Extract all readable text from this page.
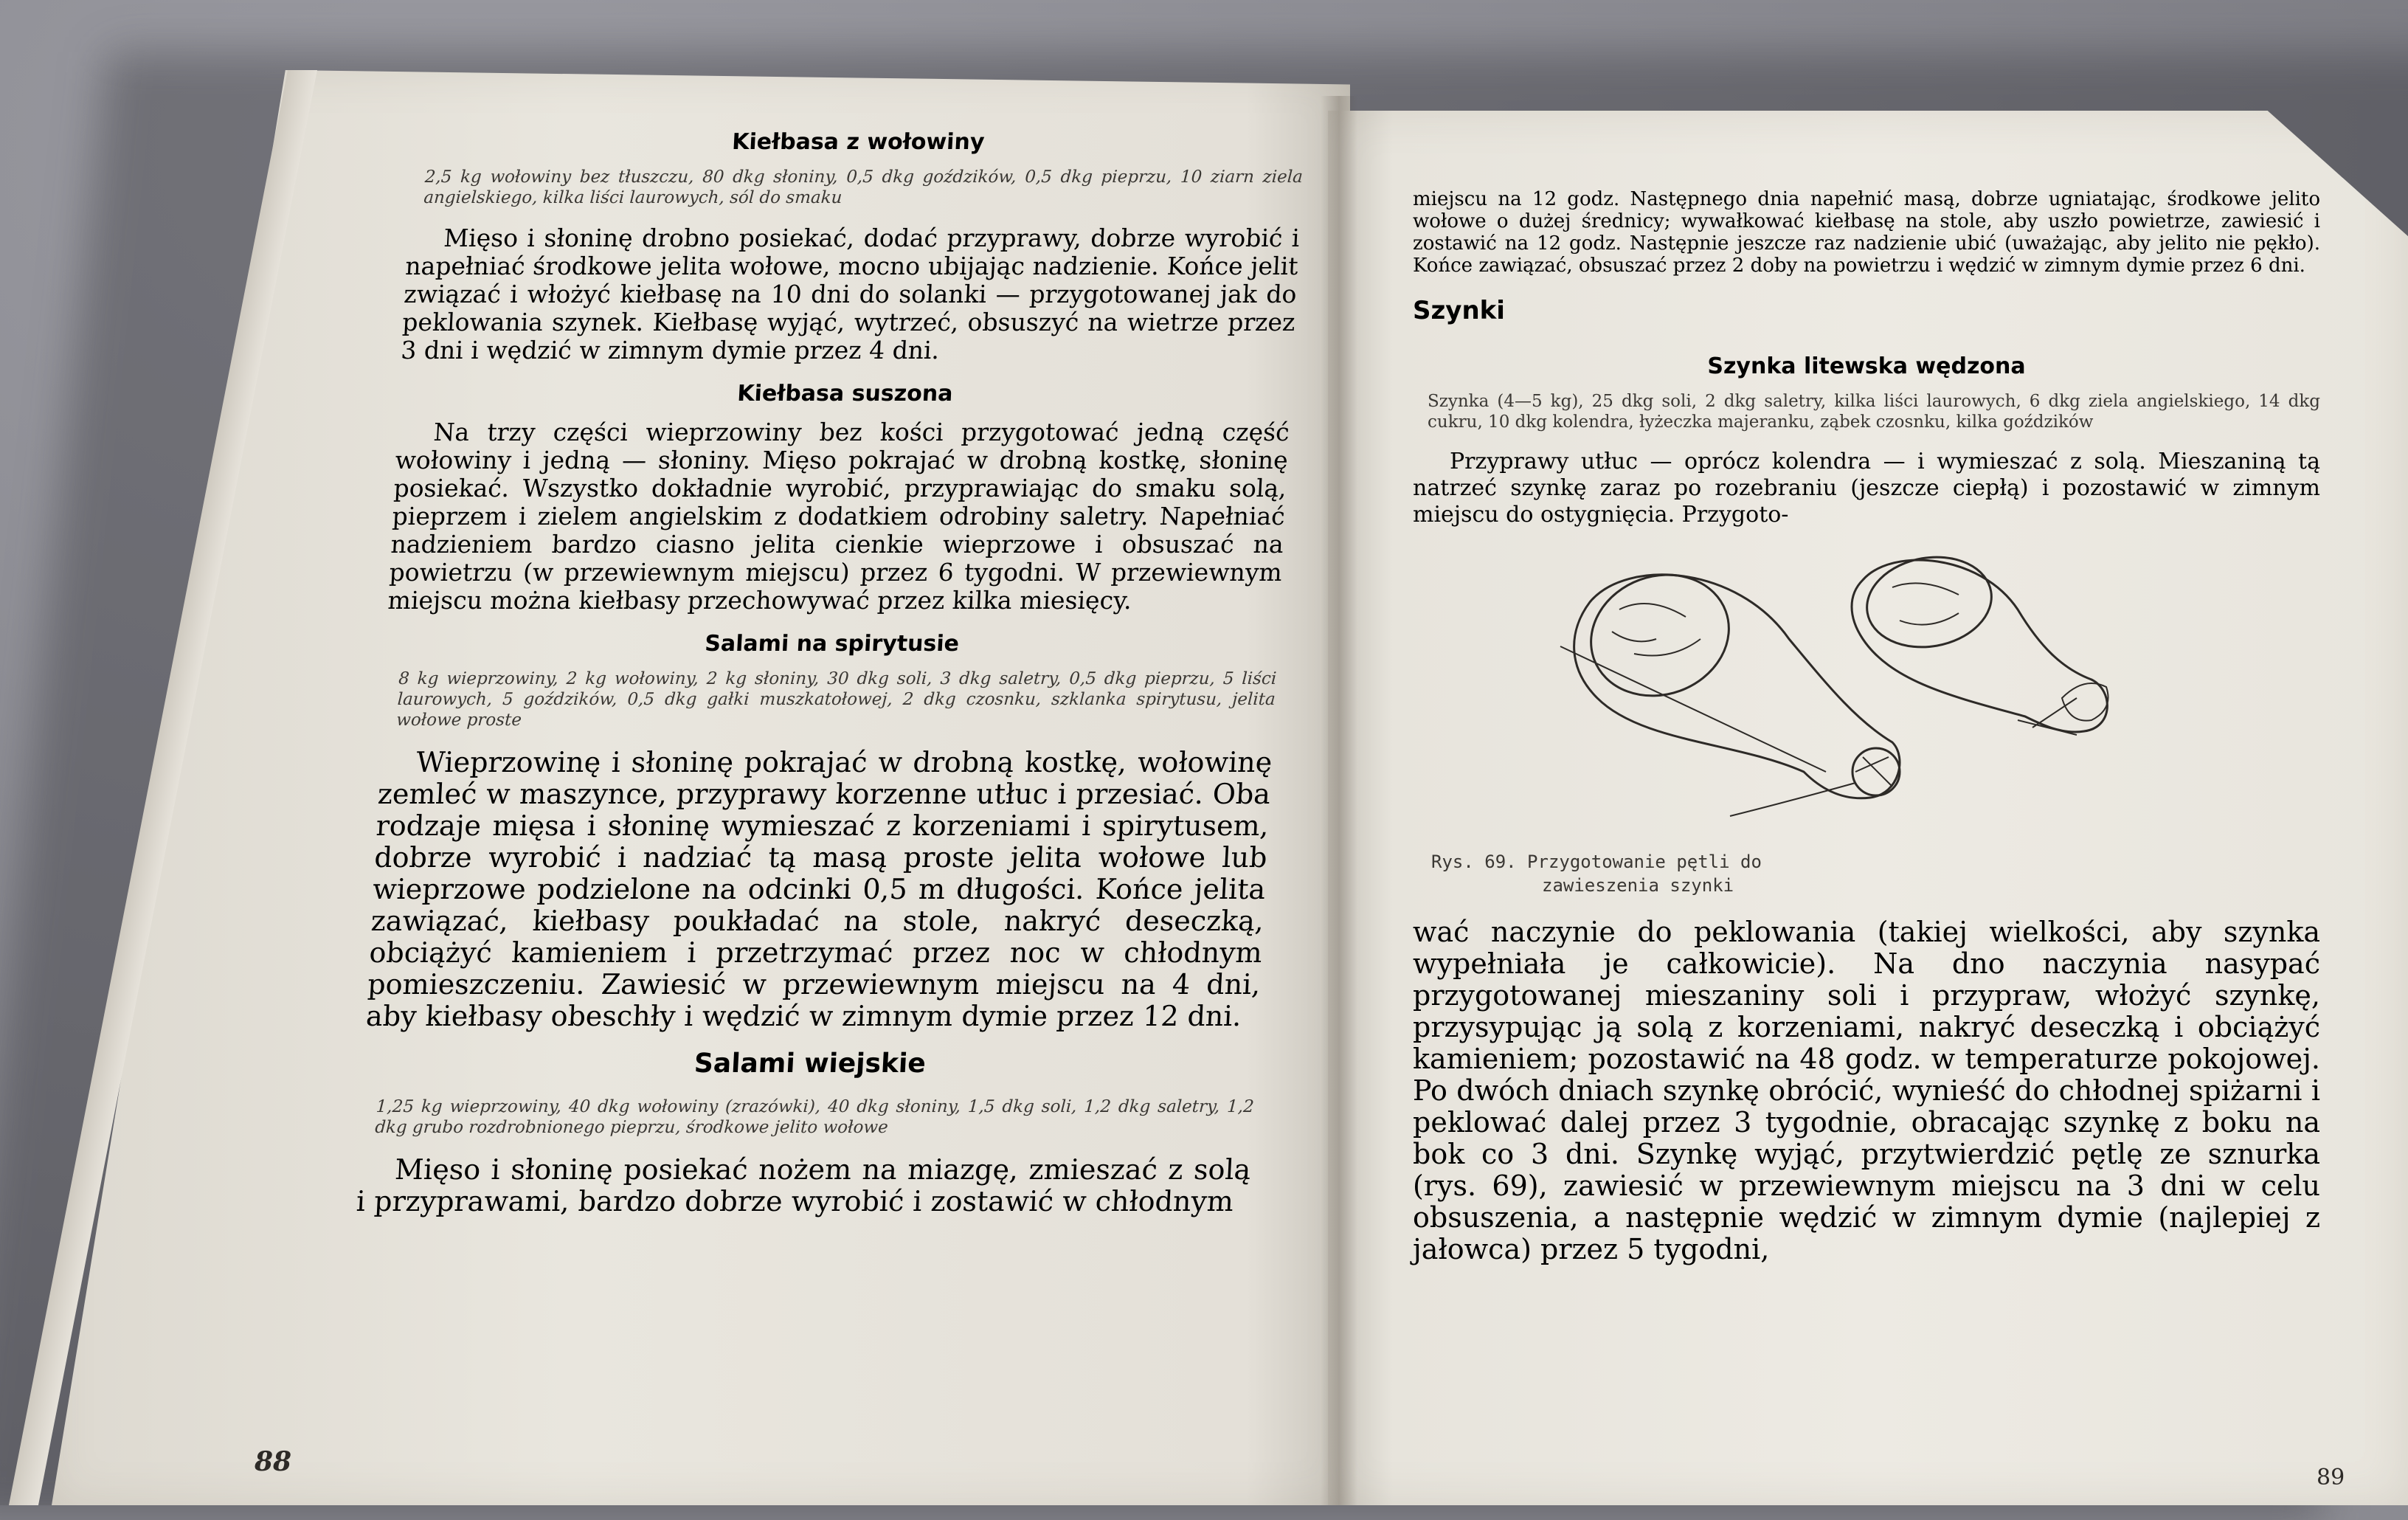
Kiełbasa z wołowiny
2,5 kg wołowiny bez tłuszczu, 80 dkg słoniny, 0,5 dkg goździków, 0,5 dkg pieprzu, 10 ziarn ziela angielskiego, kilka liści laurowych, sól do smaku
Mięso i słoninę drobno posiekać, dodać przyprawy, dobrze wyrobić i napełniać środkowe jelita wołowe, mocno ubijając nadzienie. Końce jelit związać i włożyć kiełbasę na 10 dni do solanki — przygotowanej jak do peklowania szynek. Kiełbasę wyjąć, wytrzeć, obsuszyć na wietrze przez 3 dni i wędzić w zimnym dymie przez 4 dni.
Kiełbasa suszona
Na trzy części wieprzowiny bez kości przygotować jedną część wołowiny i jedną — słoniny. Mięso pokrajać w drobną kostkę, słoninę posiekać. Wszystko dokładnie wyrobić, przyprawiając do smaku solą, pieprzem i zielem angielskim z dodatkiem odrobiny saletry. Napełniać nadzieniem bardzo ciasno jelita cienkie wieprzowe i obsuszać na powietrzu (w przewiewnym miejscu) przez 6 tygodni. W przewiewnym miejscu można kiełbasy przechowywać przez kilka miesięcy.
Salami na spirytusie
8 kg wieprzowiny, 2 kg wołowiny, 2 kg słoniny, 30 dkg soli, 3 dkg saletry, 0,5 dkg pieprzu, 5 liści laurowych, 5 goździków, 0,5 dkg gałki muszkatołowej, 2 dkg czosnku, szklanka spirytusu, jelita wołowe proste
Wieprzowinę i słoninę pokrajać w drobną kostkę, wołowinę zemleć w maszynce, przyprawy korzenne utłuc i przesiać. Oba rodzaje mięsa i słoninę wymieszać z korzeniami i spirytusem, dobrze wyrobić i nadziać tą masą proste jelita wołowe lub wieprzowe podzielone na odcinki 0,5 m długości. Końce jelita zawiązać, kiełbasy poukładać na stole, nakryć deseczką, obciążyć kamieniem i przetrzymać przez noc w chłodnym pomieszczeniu. Zawiesić w przewiewnym miejscu na 4 dni, aby kiełbasy obeschły i wędzić w zimnym dymie przez 12 dni.
Salami wiejskie
1,25 kg wieprzowiny, 40 dkg wołowiny (zrazówki), 40 dkg słoniny, 1,5 dkg soli, 1,2 dkg saletry, 1,2 dkg grubo rozdrobnionego pieprzu, środkowe jelito wołowe
Mięso i słoninę posiekać nożem na miazgę, zmieszać z solą i przyprawami, bardzo dobrze wyrobić i zostawić w chłodnym
88
miejscu na 12 godz. Następnego dnia napełnić masą, dobrze ugniatając, środkowe jelito wołowe o dużej średnicy; wywałkować kiełbasę na stole, aby uszło powietrze, zawiesić i zostawić na 12 godz. Następnie jeszcze raz nadzienie ubić (uważając, aby jelito nie pękło). Końce zawiązać, obsuszać przez 2 doby na powietrzu i wędzić w zimnym dymie przez 6 dni.
Szynki
Szynka litewska wędzona
Szynka (4—5 kg), 25 dkg soli, 2 dkg saletry, kilka liści laurowych, 6 dkg ziela angielskiego, 14 dkg cukru, 10 dkg kolendra, łyżeczka majeranku, ząbek czosnku, kilka goździków
Przyprawy utłuc — oprócz kolendra — i wymieszać z solą. Mieszaniną tą natrzeć szynkę zaraz po rozebraniu (jeszcze ciepłą) i pozostawić w zimnym miejscu do ostygnięcia. Przygoto-
Rys. 69. Przygotowanie pętli do
zawieszenia szynki
wać naczynie do peklowania (takiej wielkości, aby szynka wypełniała je całkowicie). Na dno naczynia nasypać przygotowanej mieszaniny soli i przypraw, włożyć szynkę, przysypując ją solą z korzeniami, nakryć deseczką i obciążyć kamieniem; pozostawić na 48 godz. w temperaturze pokojowej. Po dwóch dniach szynkę obrócić, wynieść do chłodnej spiżarni i peklować dalej przez 3 tygodnie, obracając szynkę z boku na bok co 3 dni. Szynkę wyjąć, przytwierdzić pętlę ze sznurka (rys. 69), zawiesić w przewiewnym miejscu na 3 dni w celu obsuszenia, a następnie wędzić w zimnym dymie (najlepiej z jałowca) przez 5 tygodni,
89
